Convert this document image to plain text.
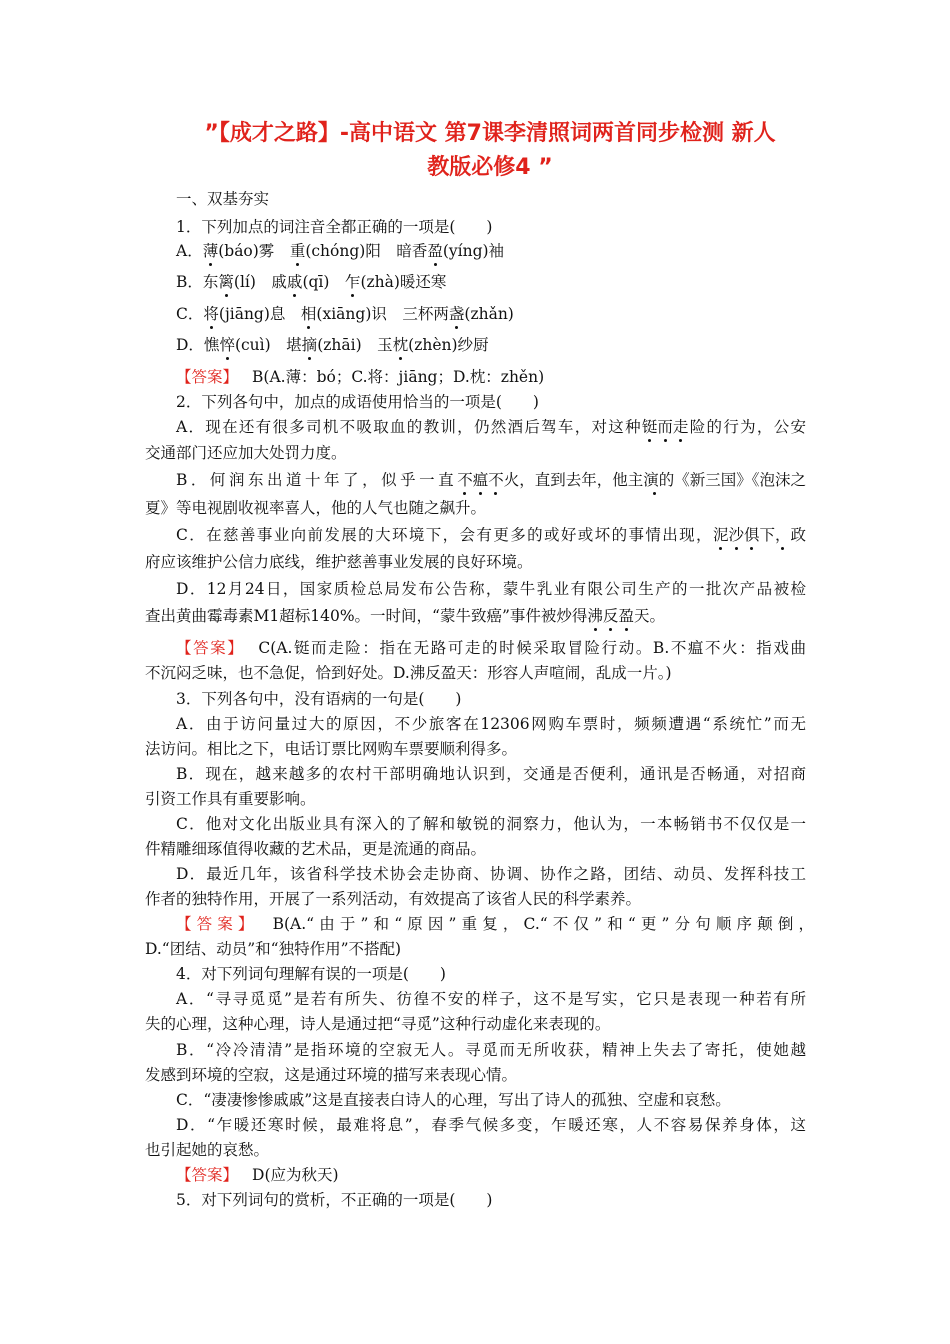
”【成才之路】-高中语文 第7课李清照词两首同步检测 新人
教版必修4 ”
一、双基夯实
1．下列加点的词注音全都正确的一项是(　　)
A．薄(báo)雾　重(chóng)阳　暗香盈(yíng)袖
B．东篱(lí)　戚戚(qī)　乍(zhà)暖还寒
C．将(jiāng)息　相(xiāng)识　三杯两盏(zhǎn)
D．憔悴(cuì)　堪摘(zhāi)　玉枕(zhèn)纱厨
【答案】 B(A.薄：bó；C.将：jiāng；D.枕：zhěn)
2．下列各句中，加点的成语使用恰当的一项是(　　)
A．现在还有很多司机不吸取血的教训，仍然酒后驾车，对这种铤而走险的行为，公安
交通部门还应加大处罚力度。
B．何润东出道十年了，似乎一直不瘟不火，直到去年，他主演的《新三国》《泡沫之
夏》等电视剧收视率喜人，他的人气也随之飙升。
C．在慈善事业向前发展的大环境下，会有更多的或好或坏的事情出现，泥沙俱下，政
府应该维护公信力底线，维护慈善事业发展的良好环境。
D．12月24日，国家质检总局发布公告称，蒙牛乳业有限公司生产的一批次产品被检
查出黄曲霉毒素M1超标140%。一时间，“蒙牛致癌”事件被炒得沸反盈天。
【答案】 C(A.铤而走险：指在无路可走的时候采取冒险行动。B.不瘟不火：指戏曲
不沉闷乏味，也不急促，恰到好处。D.沸反盈天：形容人声喧闹，乱成一片。)
3．下列各句中，没有语病的一句是(　　)
A．由于访问量过大的原因，不少旅客在12306网购车票时，频频遭遇“系统忙”而无
法访问。相比之下，电话订票比网购车票要顺利得多。
B．现在，越来越多的农村干部明确地认识到，交通是否便利，通讯是否畅通，对招商
引资工作具有重要影响。
C．他对文化出版业具有深入的了解和敏锐的洞察力，他认为，一本畅销书不仅仅是一
件精雕细琢值得收藏的艺术品，更是流通的商品。
D．最近几年，该省科学技术协会走协商、协调、协作之路，团结、动员、发挥科技工
作者的独特作用，开展了一系列活动，有效提高了该省人民的科学素养。
【答案】 B(A.“由于”和“原因”重复，C.“不仅”和“更”分句顺序颠倒，
D.“团结、动员”和“独特作用”不搭配)
4．对下列词句理解有误的一项是(　　)
A．“寻寻觅觅”是若有所失、彷徨不安的样子，这不是写实，它只是表现一种若有所
失的心理，这种心理，诗人是通过把“寻觅”这种行动虚化来表现的。
B．“冷冷清清”是指环境的空寂无人。寻觅而无所收获，精神上失去了寄托，使她越
发感到环境的空寂，这是通过环境的描写来表现心情。
C．“凄凄惨惨戚戚”这是直接表白诗人的心理，写出了诗人的孤独、空虚和哀愁。
D．“乍暖还寒时候，最难将息”，春季气候多变，乍暖还寒，人不容易保养身体，这
也引起她的哀愁。
【答案】 D(应为秋天)
5．对下列词句的赏析，不正确的一项是(　　)
